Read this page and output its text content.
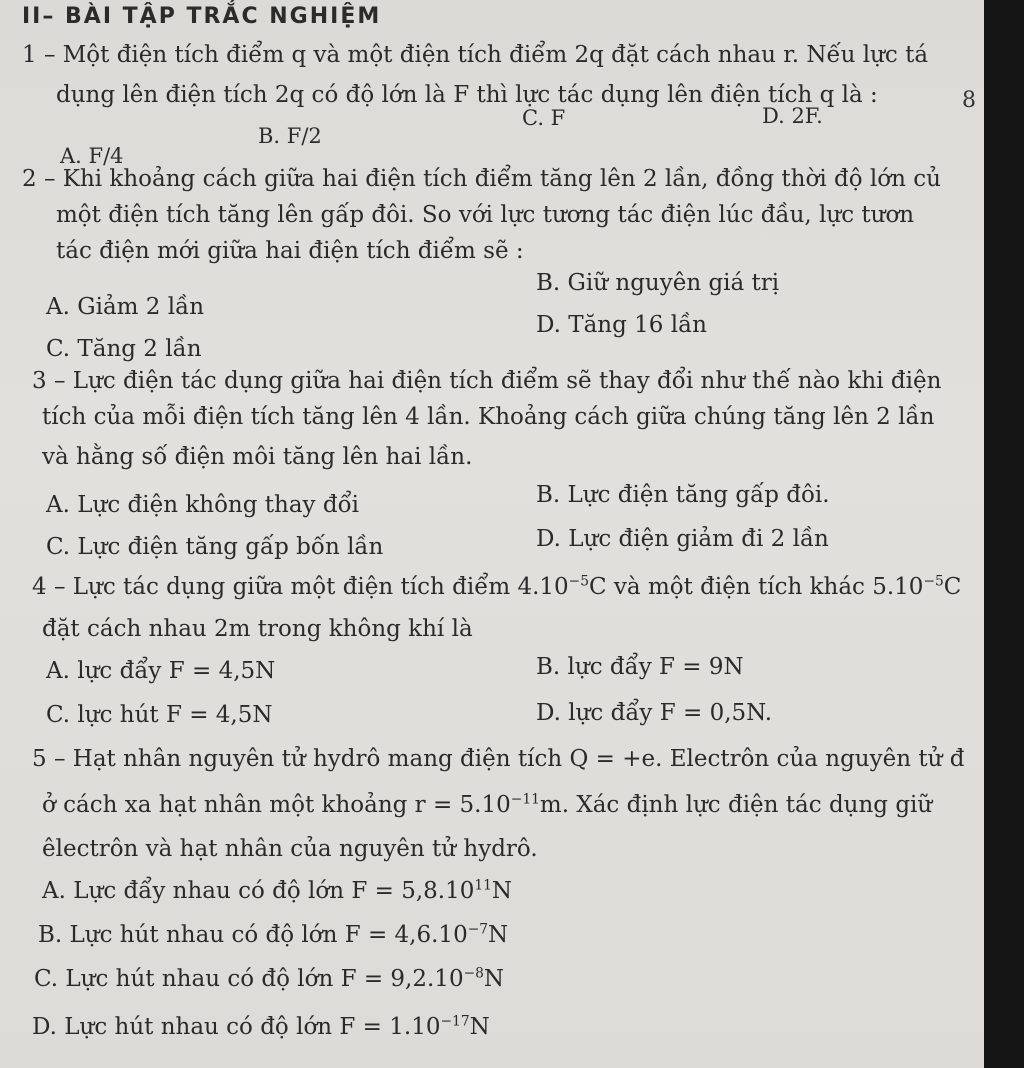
II– BÀI TẬP TRẮC NGHIỆM
8
1 – Một điện tích điểm q và một điện tích điểm 2q đặt cách nhau r. Nếu lực tá
dụng lên điện tích 2q có độ lớn là F thì lực tác dụng lên điện tích q là :
A. F/4
B. F/2
C. F	D. 2F.
2 – Khi khoảng cách giữa hai điện tích điểm tăng lên 2 lần, đồng thời độ lớn củ
một điện tích tăng lên gấp đôi. So với lực tương tác điện lúc đầu, lực tươn
tác điện mới giữa hai điện tích điểm sẽ :
B. Giữ nguyên giá trị
A. Giảm 2 lần
D. Tăng 16 lần
C. Tăng 2 lần
3 – Lực điện tác dụng giữa hai điện tích điểm sẽ thay đổi như thế nào khi điện
tích của mỗi điện tích tăng lên 4 lần. Khoảng cách giữa chúng tăng lên 2 lần
và hằng số điện môi tăng lên hai lần.
A. Lực điện không thay đổi	B. Lực điện tăng gấp đôi.
C. Lực điện tăng gấp bốn lần	D. Lực điện giảm đi 2 lần
4 – Lực tác dụng giữa một điện tích điểm $4.10^{-5}C$ và một điện tích khác $5.10^{-5}C$
đặt cách nhau 2m trong không khí là
A. lực đẩy F = 4,5N	B. lực đẩy F = 9N
C. lực hút F = 4,5N	D. lực đẩy F = 0,5N.
5 – Hạt nhân nguyên tử hydrô mang điện tích Q = +e. Electrôn của nguyên tử đ
ở cách xa hạt nhân một khoảng $r = 5.10^{-11}m$. Xác định lực điện tác dụng giữ
êlectrôn và hạt nhân của nguyên tử hydrô.
A. Lực đẩy nhau có độ lớn $F = 5,8.10^{11}N$
B. Lực hút nhau có độ lớn $F = 4,6.10^{-7}N$
C. Lực hút nhau có độ lớn $F = 9,2.10^{-8}N$
D. Lực hút nhau có độ lớn $F = 1.10^{-17}N$
